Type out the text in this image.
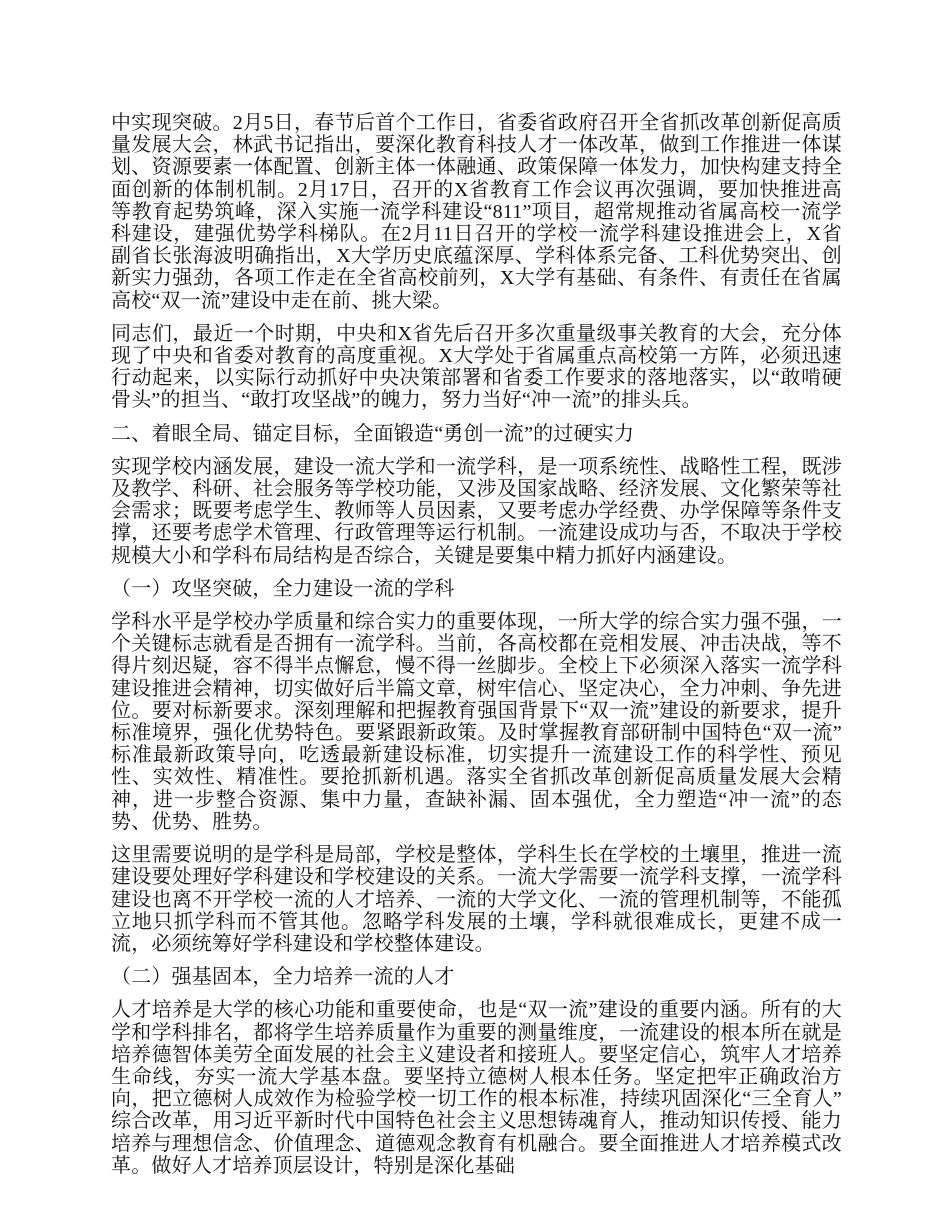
中实现突破。2月5日，春节后首个工作日，省委省政府召开全省抓改革创新促高质量发展大会，林武书记指出，要深化教育科技人才一体改革，做到工作推进一体谋划、资源要素一体配置、创新主体一体融通、政策保障一体发力，加快构建支持全面创新的体制机制。2月17日，召开的X省教育工作会议再次强调，要加快推进高等教育起势筑峰，深入实施一流学科建设“811”项目，超常规推动省属高校一流学科建设，建强优势学科梯队。在2月11日召开的学校一流学科建设推进会上，X省副省长张海波明确指出，X大学历史底蕴深厚、学科体系完备、工科优势突出、创新实力强劲，各项工作走在全省高校前列，X大学有基础、有条件、有责任在省属高校“双一流”建设中走在前、挑大梁。

同志们，最近一个时期，中央和X省先后召开多次重量级事关教育的大会，充分体现了中央和省委对教育的高度重视。X大学处于省属重点高校第一方阵，必须迅速行动起来，以实际行动抓好中央决策部署和省委工作要求的落地落实，以“敢啃硬骨头”的担当、“敢打攻坚战”的魄力，努力当好“冲一流”的排头兵。

二、着眼全局、锚定目标，全面锻造“勇创一流”的过硬实力

实现学校内涵发展，建设一流大学和一流学科，是一项系统性、战略性工程，既涉及教学、科研、社会服务等学校功能，又涉及国家战略、经济发展、文化繁荣等社会需求；既要考虑学生、教师等人员因素，又要考虑办学经费、办学保障等条件支撑，还要考虑学术管理、行政管理等运行机制。一流建设成功与否，不取决于学校规模大小和学科布局结构是否综合，关键是要集中精力抓好内涵建设。

（一）攻坚突破，全力建设一流的学科

学科水平是学校办学质量和综合实力的重要体现，一所大学的综合实力强不强，一个关键标志就看是否拥有一流学科。当前，各高校都在竞相发展、冲击决战，等不得片刻迟疑，容不得半点懈怠，慢不得一丝脚步。全校上下必须深入落实一流学科建设推进会精神，切实做好后半篇文章，树牢信心、坚定决心，全力冲刺、争先进位。要对标新要求。深刻理解和把握教育强国背景下“双一流”建设的新要求，提升标准境界，强化优势特色。要紧跟新政策。及时掌握教育部研制中国特色“双一流”标准最新政策导向，吃透最新建设标准，切实提升一流建设工作的科学性、预见性、实效性、精准性。要抢抓新机遇。落实全省抓改革创新促高质量发展大会精神，进一步整合资源、集中力量，查缺补漏、固本强优，全力塑造“冲一流”的态势、优势、胜势。

这里需要说明的是学科是局部，学校是整体，学科生长在学校的土壤里，推进一流建设要处理好学科建设和学校建设的关系。一流大学需要一流学科支撑，一流学科建设也离不开学校一流的人才培养、一流的大学文化、一流的管理机制等，不能孤立地只抓学科而不管其他。忽略学科发展的土壤，学科就很难成长，更建不成一流，必须统筹好学科建设和学校整体建设。

（二）强基固本，全力培养一流的人才

人才培养是大学的核心功能和重要使命，也是“双一流”建设的重要内涵。所有的大学和学科排名，都将学生培养质量作为重要的测量维度，一流建设的根本所在就是培养德智体美劳全面发展的社会主义建设者和接班人。要坚定信心，筑牢人才培养生命线，夯实一流大学基本盘。要坚持立德树人根本任务。坚定把牢正确政治方向，把立德树人成效作为检验学校一切工作的根本标准，持续巩固深化“三全育人”综合改革，用习近平新时代中国特色社会主义思想铸魂育人，推动知识传授、能力培养与理想信念、价值理念、道德观念教育有机融合。要全面推进人才培养模式改革。做好人才培养顶层设计，特别是深化基础
